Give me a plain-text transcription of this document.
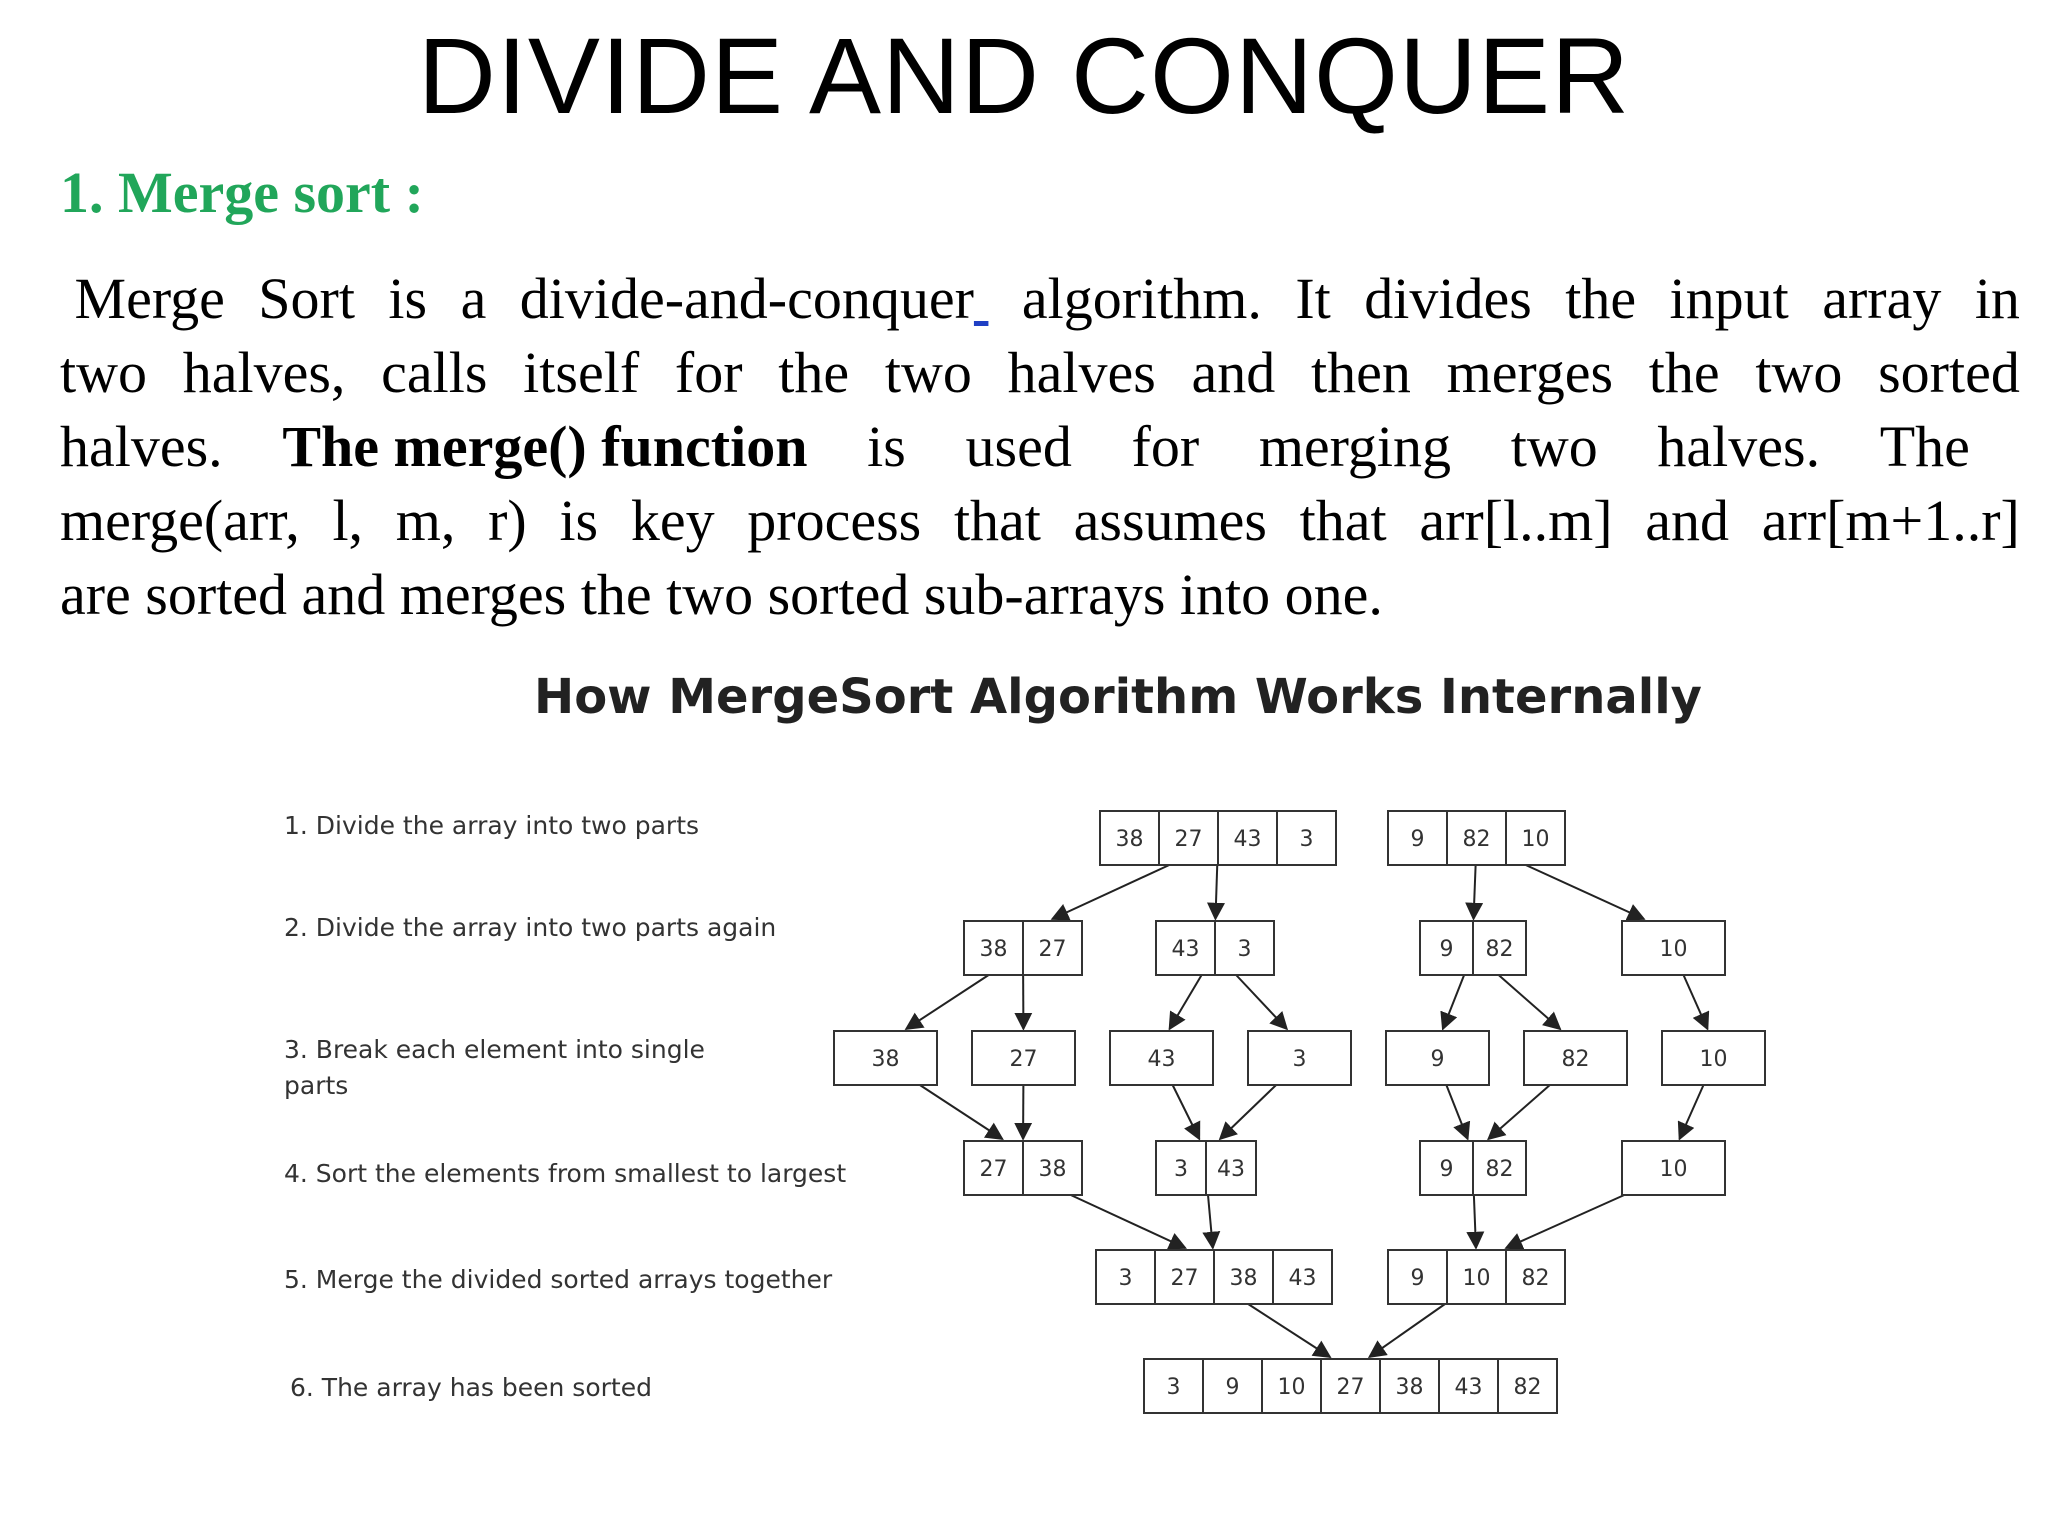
DIVIDE AND CONQUER
1. Merge sort :
Merge Sort is a divide-and-conquer algorithm. It divides the input array in
two halves, calls itself for the two halves and then merges the two sorted
halves. The merge() function is used for merging two halves. The
merge(arr, l, m, r) is key process that assumes that arr[l..m] and arr[m+1..r]
are sorted and merges the two sorted sub-arrays into one.
How MergeSort Algorithm Works Internally
1. Divide the array into two parts
2. Divide the array into two parts again
3. Break each element into single
parts
4. Sort the elements from smallest to largest
5. Merge the divided sorted arrays together
6. The array has been sorted
38 27 43 3	9 82 10
38 27	43 3	9 82	10
38	27	43	3	9	82	10
27 38	3 43	9 82	10
3 27 38 43	9 10 82
3 9 10 27 38 43 82
